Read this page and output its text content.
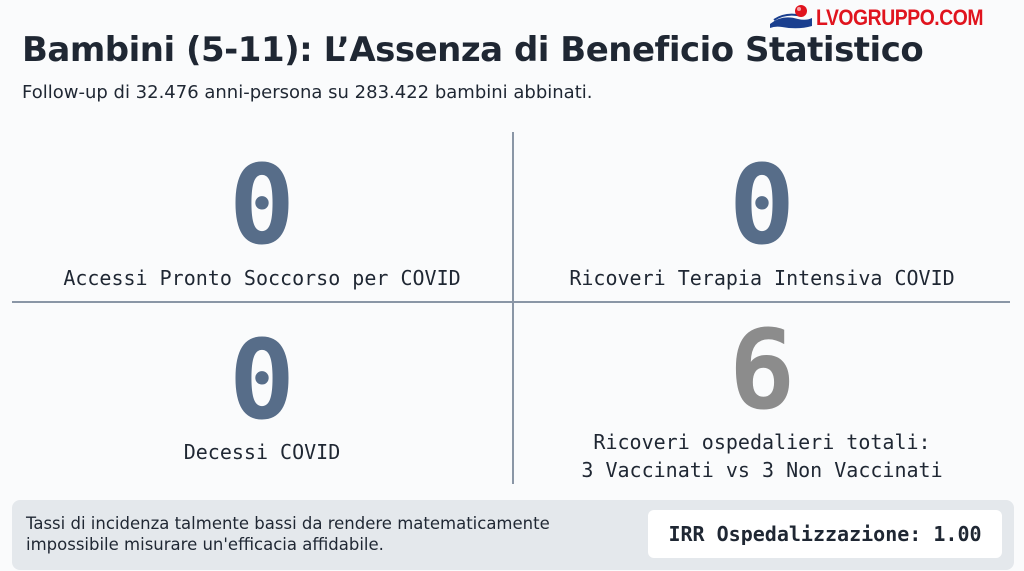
LVOGRUPPO.COM
Bambini (5-11): L’Assenza di Beneficio Statistico
Follow-up di 32.476 anni-persona su 283.422 bambini abbinati.
0
Accessi Pronto Soccorso per COVID
0
Ricoveri Terapia Intensiva COVID
0
Decessi COVID
6
Ricoveri ospedalieri totali:
3 Vaccinati vs 3 Non Vaccinati
Tassi di incidenza talmente bassi da rendere matematicamente
impossibile misurare un'efficacia affidabile.	IRR Ospedalizzazione: 1.00
